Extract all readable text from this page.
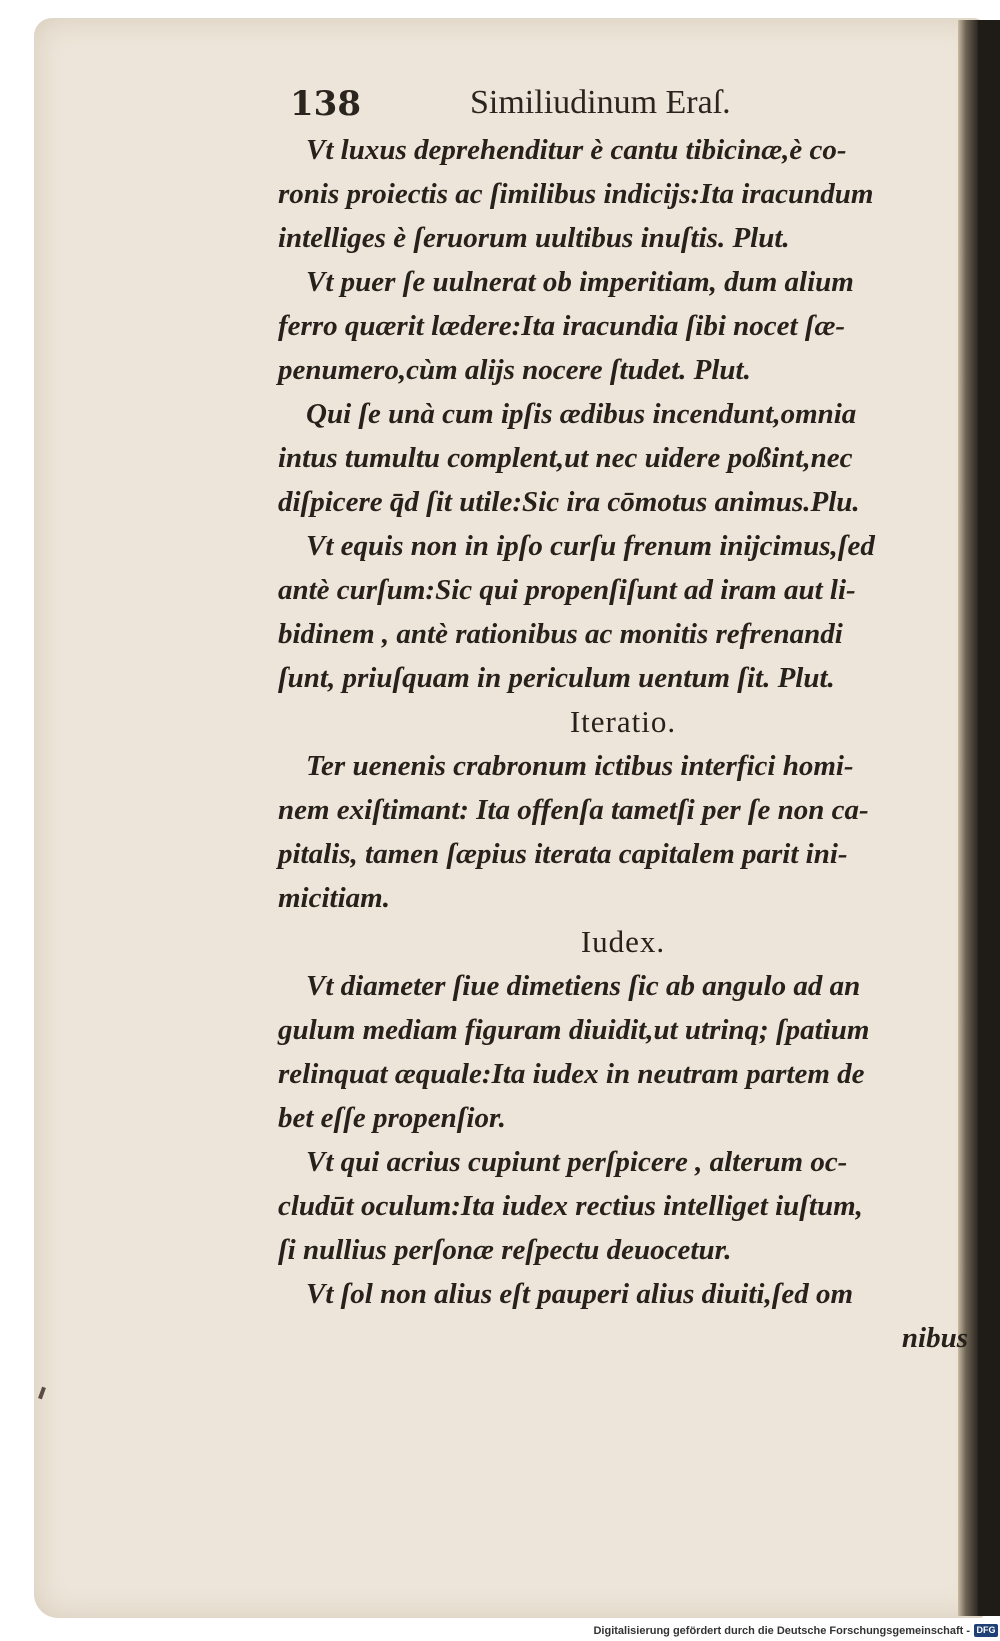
138	Similiudinum Eraſ.

Vt luxus deprehenditur è cantu tibicinæ,è co-
ronis proiectis ac ſimilibus indicijs:Ita iracundum
intelliges è ſeruorum uultibus inuſtis. Plut.

Vt puer ſe uulnerat ob imperitiam, dum alium
ferro quærit lædere:Ita iracundia ſibi nocet ſæ-
penumero,cùm alijs nocere ſtudet. Plut.

Qui ſe unà cum ipſis ædibus incendunt,omnia
intus tumultu complent,ut nec uidere poßint,nec
diſpicere q̄d ſit utile:Sic ira cōmotus animus.Plu.

Vt equis non in ipſo curſu frenum inijcimus,ſed
antè curſum:Sic qui propenſiſunt ad iram aut li-
bidinem , antè rationibus ac monitis refrenandi
ſunt, priuſquam in periculum uentum ſit. Plut.

Iteratio.

Ter uenenis crabronum ictibus interfici homi-
nem exiſtimant: Ita offenſa tametſi per ſe non ca-
pitalis, tamen ſæpius iterata capitalem parit ini-
micitiam.

Iudex.

Vt diameter ſiue dimetiens ſic ab angulo ad an
gulum mediam figuram diuidit,ut utrinq; ſpatium
relinquat æquale:Ita iudex in neutram partem de
bet eſſe propenſior.

Vt qui acrius cupiunt perſpicere , alterum oc-
cludūt oculum:Ita iudex rectius intelliget iuſtum,
ſi nullius perſonæ reſpectu deuocetur.

Vt ſol non alius eſt pauperi alius diuiti,ſed om

nibus
Digitalisierung gefördert durch die Deutsche Forschungsgemeinschaft - DFG
